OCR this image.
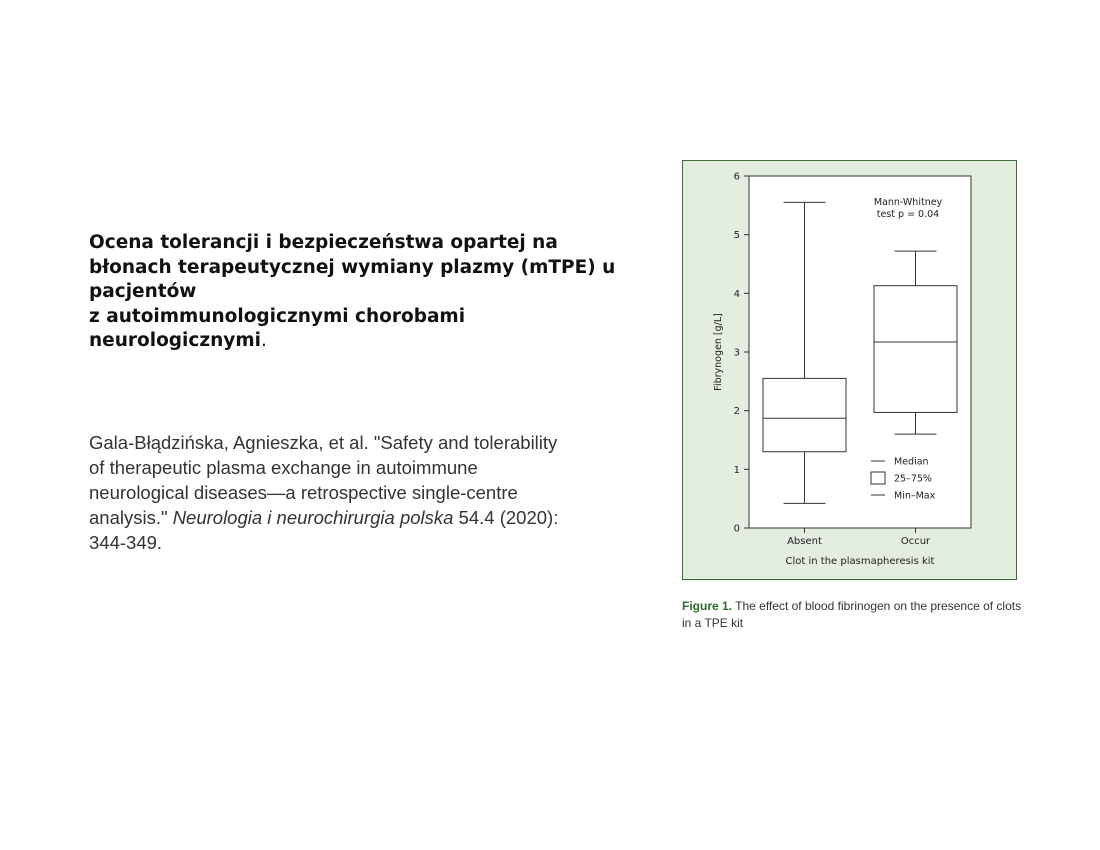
Ocena tolerancji i bezpieczeństwa opartej na
błonach terapeutycznej wymiany plazmy (mTPE) u
pacjentów
z autoimmunologicznymi chorobami
neurologicznymi.

Gala-Błądzińska, Agnieszka, et al. "Safety and tolerability
of therapeutic plasma exchange in autoimmune
neurological diseases—a retrospective single-centre
analysis." Neurologia i neurochirurgia polska 54.4 (2020):
344-349.

0
1
2
3
4
5
6
Fibrynogen [g/L]
Absent	Occur
Clot in the plasmapheresis kit
Mann-Whitney
test p = 0.04
Median
25–75%
Min–Max

Figure 1. The effect of blood fibrinogen on the presence of clots
in a TPE kit
